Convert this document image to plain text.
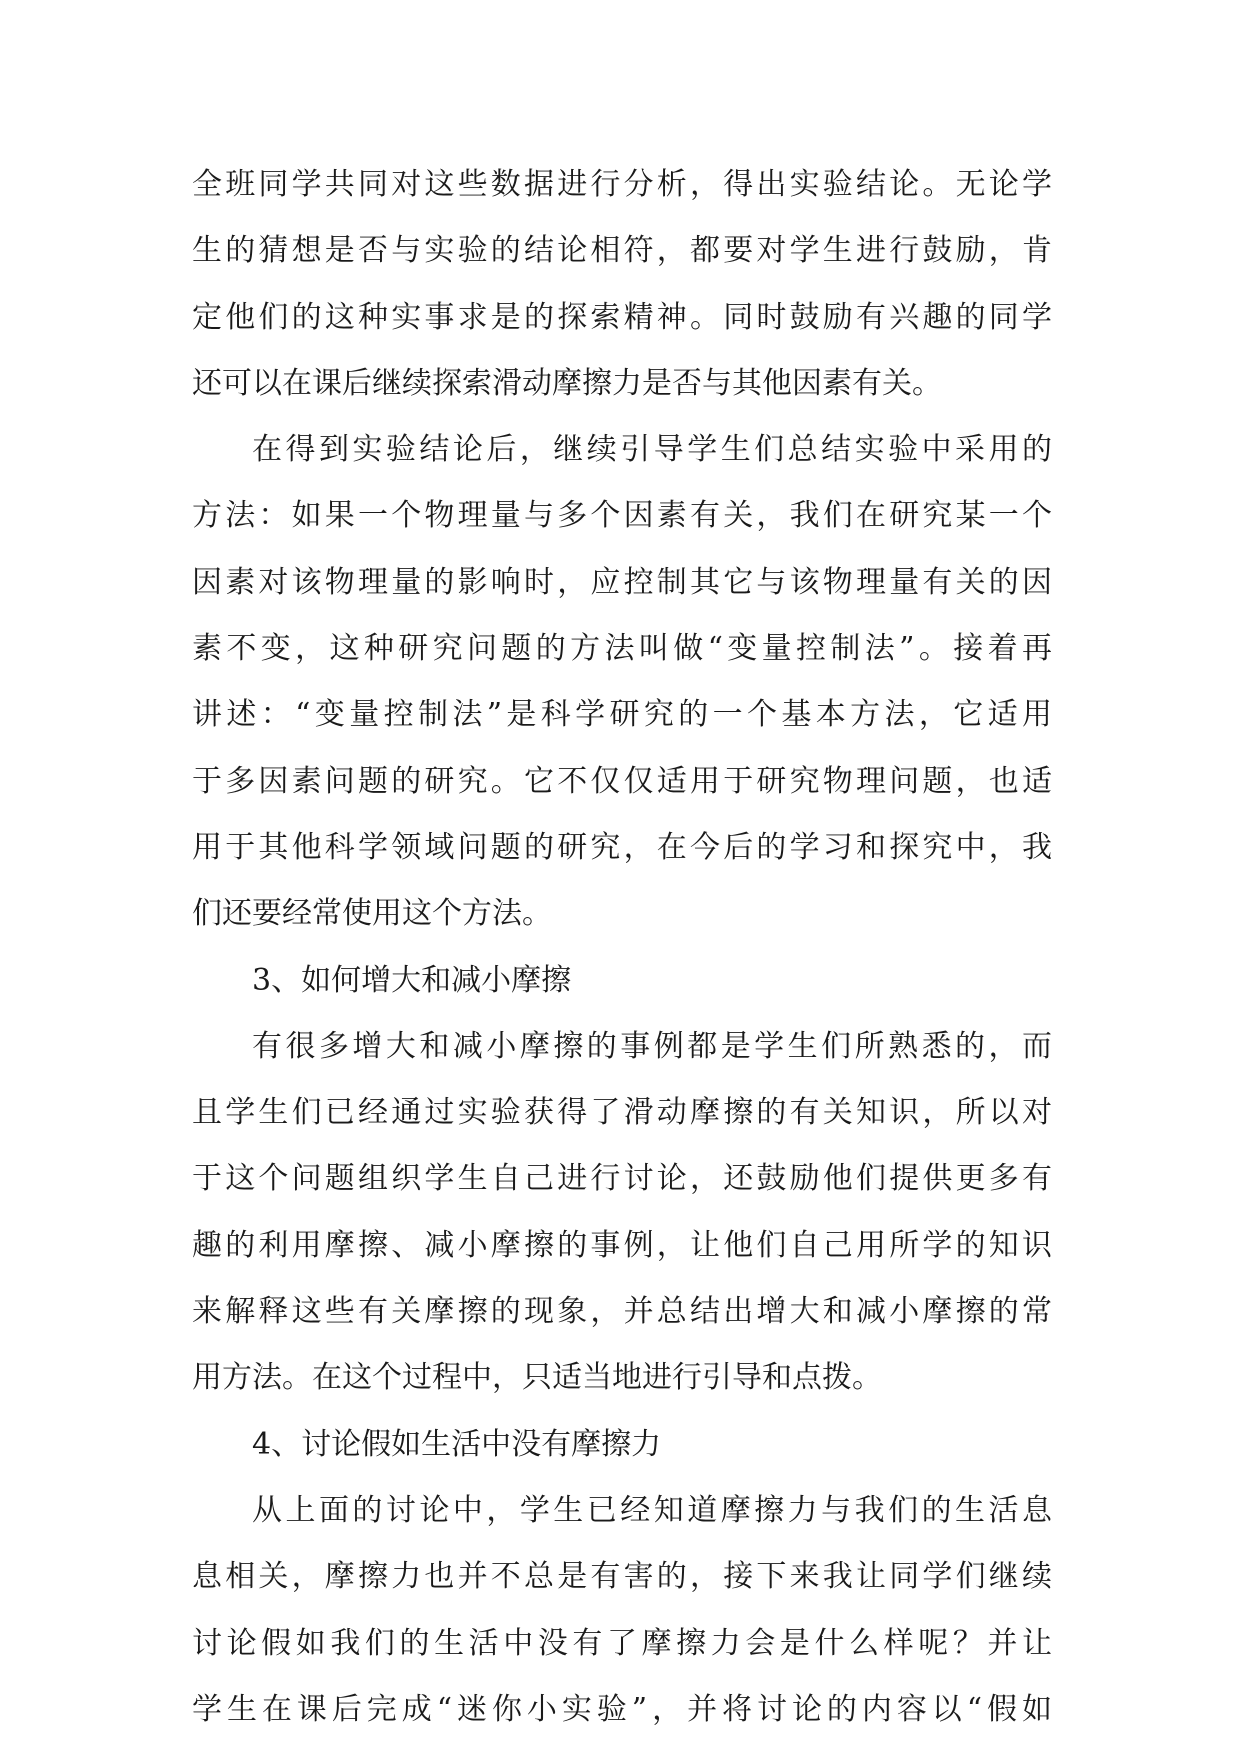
全班同学共同对这些数据进行分析，得出实验结论。无论学
生的猜想是否与实验的结论相符，都要对学生进行鼓励，肯
定他们的这种实事求是的探索精神。同时鼓励有兴趣的同学
还可以在课后继续探索滑动摩擦力是否与其他因素有关。
在得到实验结论后，继续引导学生们总结实验中采用的
方法：如果一个物理量与多个因素有关，我们在研究某一个
因素对该物理量的影响时，应控制其它与该物理量有关的因
素不变，这种研究问题的方法叫做“变量控制法”。接着再
讲述：“变量控制法”是科学研究的一个基本方法，它适用
于多因素问题的研究。它不仅仅适用于研究物理问题，也适
用于其他科学领域问题的研究，在今后的学习和探究中，我
们还要经常使用这个方法。
3、如何增大和减小摩擦
有很多增大和减小摩擦的事例都是学生们所熟悉的，而
且学生们已经通过实验获得了滑动摩擦的有关知识，所以对
于这个问题组织学生自己进行讨论，还鼓励他们提供更多有
趣的利用摩擦、减小摩擦的事例，让他们自己用所学的知识
来解释这些有关摩擦的现象，并总结出增大和减小摩擦的常
用方法。在这个过程中，只适当地进行引导和点拨。
4、讨论假如生活中没有摩擦力
从上面的讨论中，学生已经知道摩擦力与我们的生活息
息相关，摩擦力也并不总是有害的，接下来我让同学们继续
讨论假如我们的生活中没有了摩擦力会是什么样呢？并让
学生在课后完成“迷你小实验”，并将讨论的内容以“假如
